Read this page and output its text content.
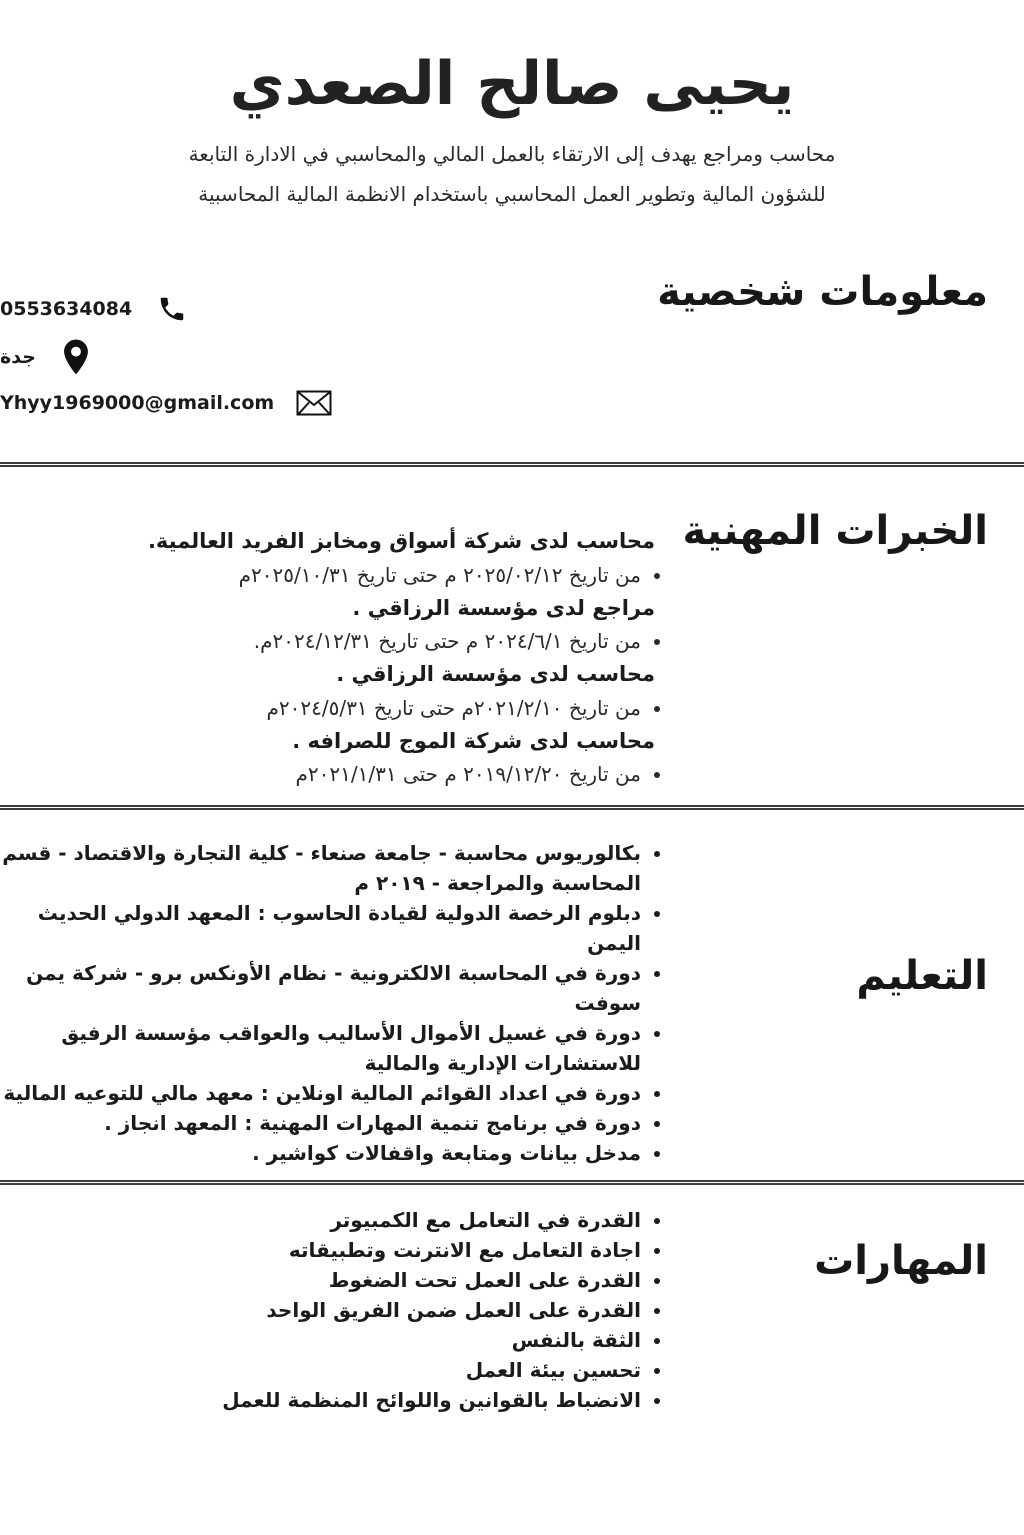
يحيى صالح الصعدي

محاسب ومراجع يهدف إلى الارتقاء بالعمل المالي والمحاسبي في الادارة التابعة
للشؤون المالية وتطوير العمل المحاسبي باستخدام الانظمة المالية المحاسبية

0553634084
جدة
Yhyy1969000@gmail.com
معلومات شخصية
محاسب لدى شركة أسواق ومخابز الفريد العالمية.
• من تاريخ ٢٠٢٥/٠٢/١٢ م حتى تاريخ ٢٠٢٥/١٠/٣١م
مراجع لدى مؤسسة الرزاقي .
• من تاريخ ٢٠٢٤/٦/١ م حتى تاريخ ٢٠٢٤/١٢/٣١م.
محاسب لدى مؤسسة الرزاقي .
• من تاريخ ٢٠٢١/٢/١٠م حتى تاريخ ٢٠٢٤/٥/٣١م
محاسب لدى شركة الموج للصرافه .
• من تاريخ ٢٠١٩/١٢/٢٠ م حتى ٢٠٢١/١/٣١م
الخبرات المهنية
• بكالوريوس محاسبة - جامعة صنعاء - كلية التجارة والاقتصاد - قسم المحاسبة والمراجعة - ٢٠١٩ م
• دبلوم الرخصة الدولية لقيادة الحاسوب : المعهد الدولي الحديث اليمن
• دورة في المحاسبة الالكترونية - نظام الأونكس برو - شركة يمن سوفت
• دورة في غسيل الأموال الأساليب والعواقب مؤسسة الرفيق للاستشارات الإدارية والمالية
• دورة في اعداد القوائم المالية اونلاين : معهد مالي للتوعيه المالية
• دورة في برنامج تنمية المهارات المهنية : المعهد انجاز .
• مدخل بيانات ومتابعة واقفالات كواشير .
التعليم
• القدرة في التعامل مع الكمبيوتر
• اجادة التعامل مع الانترنت وتطبيقاته
• القدرة على العمل تحت الضغوط
• القدرة على العمل ضمن الفريق الواحد
• الثقة بالنفس
• تحسين بيئة العمل
• الانضباط بالقوانين واللوائح المنظمة للعمل
المهارات
